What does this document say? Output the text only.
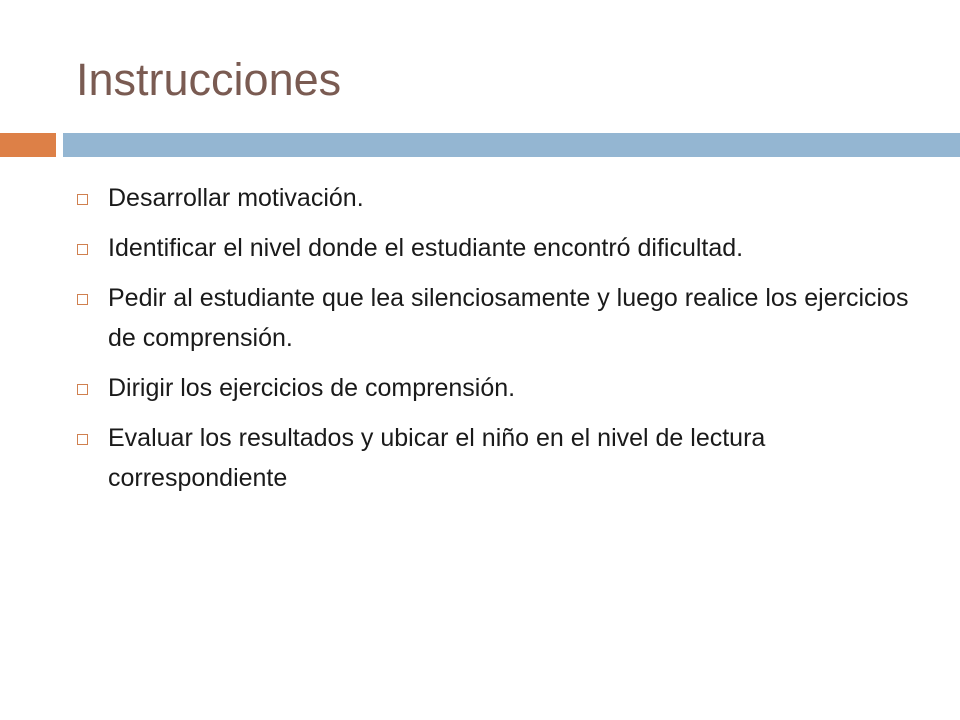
Instrucciones
Desarrollar motivación.
Identificar el nivel donde el estudiante encontró dificultad.
Pedir al estudiante que lea silenciosamente y luego realice los ejercicios de comprensión.
Dirigir los ejercicios de comprensión.
Evaluar los resultados y ubicar el niño en el nivel de lectura correspondiente
